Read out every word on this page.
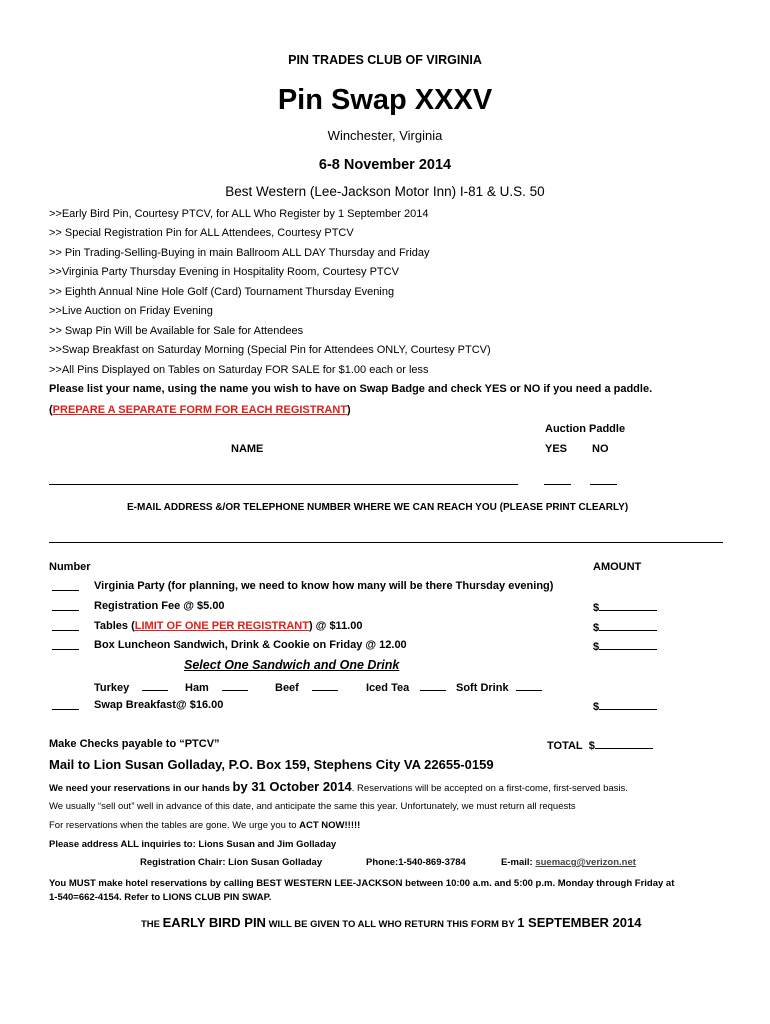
PIN TRADES CLUB OF VIRGINIA
Pin Swap XXXV
Winchester, Virginia
6-8 November 2014
Best Western (Lee-Jackson Motor Inn) I-81 & U.S. 50
>>Early Bird Pin, Courtesy PTCV, for ALL Who Register by 1 September 2014
>> Special Registration Pin for ALL Attendees, Courtesy PTCV
>> Pin Trading-Selling-Buying in main Ballroom ALL DAY Thursday and Friday
>>Virginia Party Thursday Evening in Hospitality Room, Courtesy PTCV
>> Eighth Annual Nine Hole Golf (Card) Tournament Thursday Evening
>>Live Auction on Friday Evening
>> Swap Pin Will be Available for Sale for Attendees
>>Swap Breakfast on Saturday Morning (Special Pin for Attendees ONLY, Courtesy PTCV)
>>All Pins Displayed on Tables on Saturday FOR SALE for $1.00 each or less
Please list your name, using the name you wish to have on Swap Badge and check YES or NO if you need a paddle.
(PREPARE A SEPARATE FORM FOR EACH REGISTRANT)
Auction Paddle
NAME	YES NO
E-MAIL ADDRESS &/OR TELEPHONE NUMBER WHERE WE CAN REACH YOU (PLEASE PRINT CLEARLY)
Number	AMOUNT
Virginia Party (for planning, we need to know how many will be there Thursday evening)
Registration Fee @ $5.00	$
Tables (LIMIT OF ONE PER REGISTRANT) @ $11.00	$
Box Luncheon Sandwich, Drink & Cookie on Friday @ 12.00	$
Select One Sandwich and One Drink
Turkey	Ham	Beef	Iced Tea	Soft Drink
Swap Breakfast@ $16.00	$
Make Checks payable to “PTCV”	TOTAL $
Mail to Lion Susan Golladay, P.O. Box 159, Stephens City VA 22655-0159
We need your reservations in our hands by 31 October 2014. Reservations will be accepted on a first-come, first-served basis.
We usually “sell out” well in advance of this date, and anticipate the same this year. Unfortunately, we must return all requests
For reservations when the tables are gone. We urge you to ACT NOW!!!!!
Please address ALL inquiries to: Lions Susan and Jim Golladay
Registration Chair: Lion Susan Golladay	Phone:1-540-869-3784	E-mail: suemacg@verizon.net
You MUST make hotel reservations by calling BEST WESTERN LEE-JACKSON between 10:00 a.m. and 5:00 p.m. Monday through Friday at
1-540=662-4154. Refer to LIONS CLUB PIN SWAP.
THE EARLY BIRD PIN WILL BE GIVEN TO ALL WHO RETURN THIS FORM BY 1 SEPTEMBER 2014
